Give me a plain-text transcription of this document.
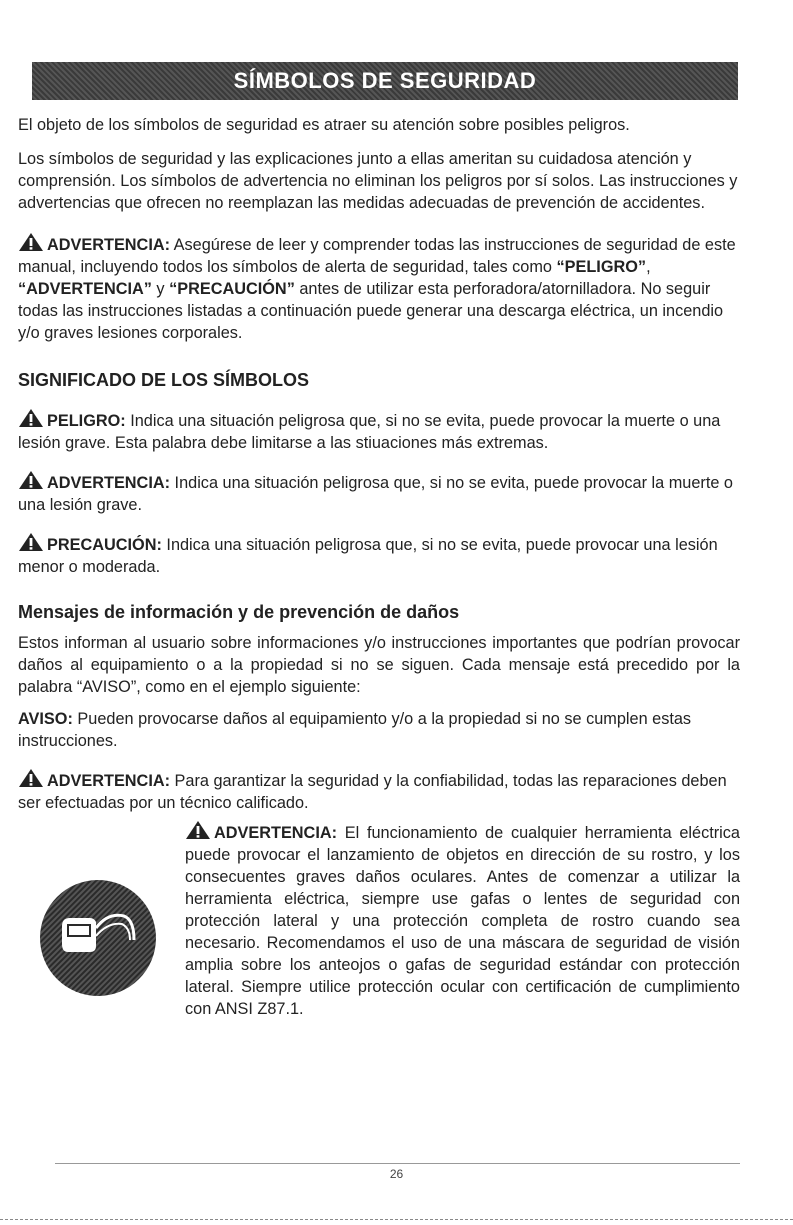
SÍMBOLOS DE SEGURIDAD

El objeto de los símbolos de seguridad es atraer su atención sobre posibles peligros.

Los símbolos de seguridad y las explicaciones junto a ellas ameritan su cuidadosa atención y comprensión. Los símbolos de advertencia no eliminan los peligros por sí solos. Las instrucciones y advertencias que ofrecen no reemplazan las medidas adecuadas de prevención de accidentes.

ADVERTENCIA: Asegúrese de leer y comprender todas las instrucciones de seguridad de este manual, incluyendo todos los símbolos de alerta de seguridad, tales como “PELIGRO”, “ADVERTENCIA” y “PRECAUCIÓN” antes de utilizar esta perforadora/atornilladora. No seguir todas las instrucciones listadas a continuación puede generar una descarga eléctrica, un incendio y/o graves lesiones corporales.

SIGNIFICADO DE LOS SÍMBOLOS

PELIGRO: Indica una situación peligrosa que, si no se evita, puede provocar la muerte o una lesión grave. Esta palabra debe limitarse a las stiuaciones más extremas.

ADVERTENCIA: Indica una situación peligrosa que, si no se evita, puede provocar la muerte o una lesión grave.

PRECAUCIÓN: Indica una situación peligrosa que, si no se evita, puede provocar una lesión menor o moderada.

Mensajes de información y de prevención de daños

Estos informan al usuario sobre informaciones y/o instrucciones importantes que podrían provocar daños al equipamiento o a la propiedad si no se siguen. Cada mensaje está precedido por la palabra “AVISO”, como en el ejemplo siguiente:

AVISO: Pueden provocarse daños al equipamiento y/o a la propiedad si no se cumplen estas instrucciones.

ADVERTENCIA: Para garantizar la seguridad y la confiabilidad, todas las reparaciones deben ser efectuadas por un técnico calificado.

ADVERTENCIA: El funcionamiento de cualquier herramienta eléctrica puede provocar el lanzamiento de objetos en dirección de su rostro, y los consecuentes graves daños oculares. Antes de comenzar a utilizar la herramienta eléctrica, siempre use gafas o lentes de seguridad con protección lateral y una protección completa de rostro cuando sea necesario. Recomendamos el uso de una máscara de seguridad de visión amplia sobre los anteojos o gafas de seguridad estándar con protección lateral. Siempre utilice protección ocular con certificación de cumplimiento con ANSI Z87.1.

26
